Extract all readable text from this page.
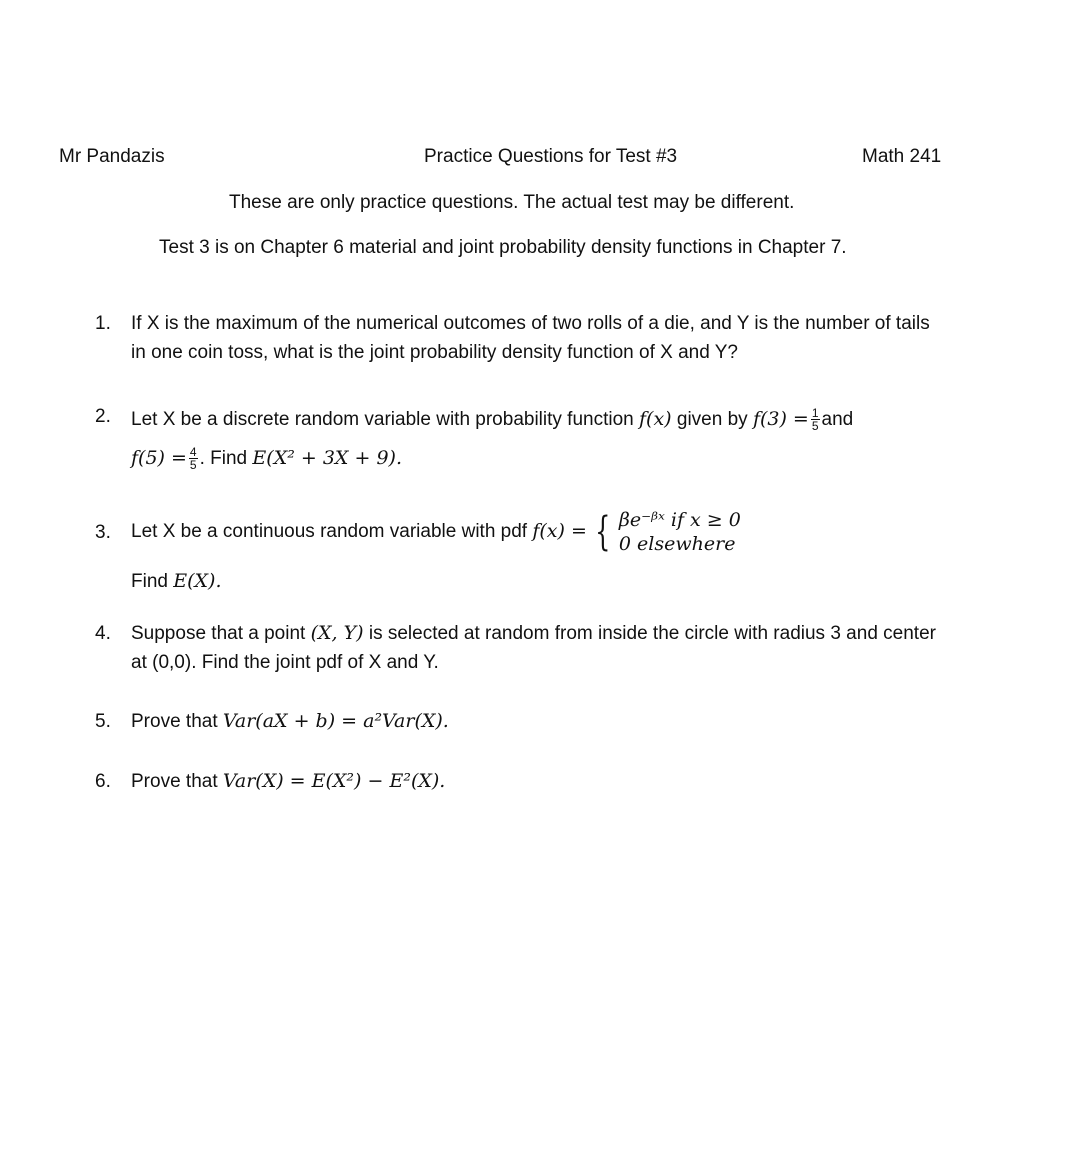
Mr Pandazis	Practice Questions for Test #3	Math 241
These are only practice questions. The actual test may be different.
Test 3 is on Chapter 6 material and joint probability density functions in Chapter 7.
1. If X is the maximum of the numerical outcomes of two rolls of a die, and Y is the number of tails
in one coin toss, what is the joint probability density function of X and Y?
2. Let X be a discrete random variable with probability function f(x) given by $f(3) = \frac{1}{5}$ and
$f(5) = \frac{4}{5}$ . Find E(X² + 3X + 9).
3. Let X be a continuous random variable with pdf f(x) = { βe⁻ᵝˣ if x ≥ 0
0 elsewhere
Find E(X).
4. Suppose that a point (X, Y) is selected at random from inside the circle with radius 3 and center
at (0,0). Find the joint pdf of X and Y.
5. Prove that Var(aX + b) = a²Var(X).
6. Prove that Var(X) = E(X²) − E²(X).
